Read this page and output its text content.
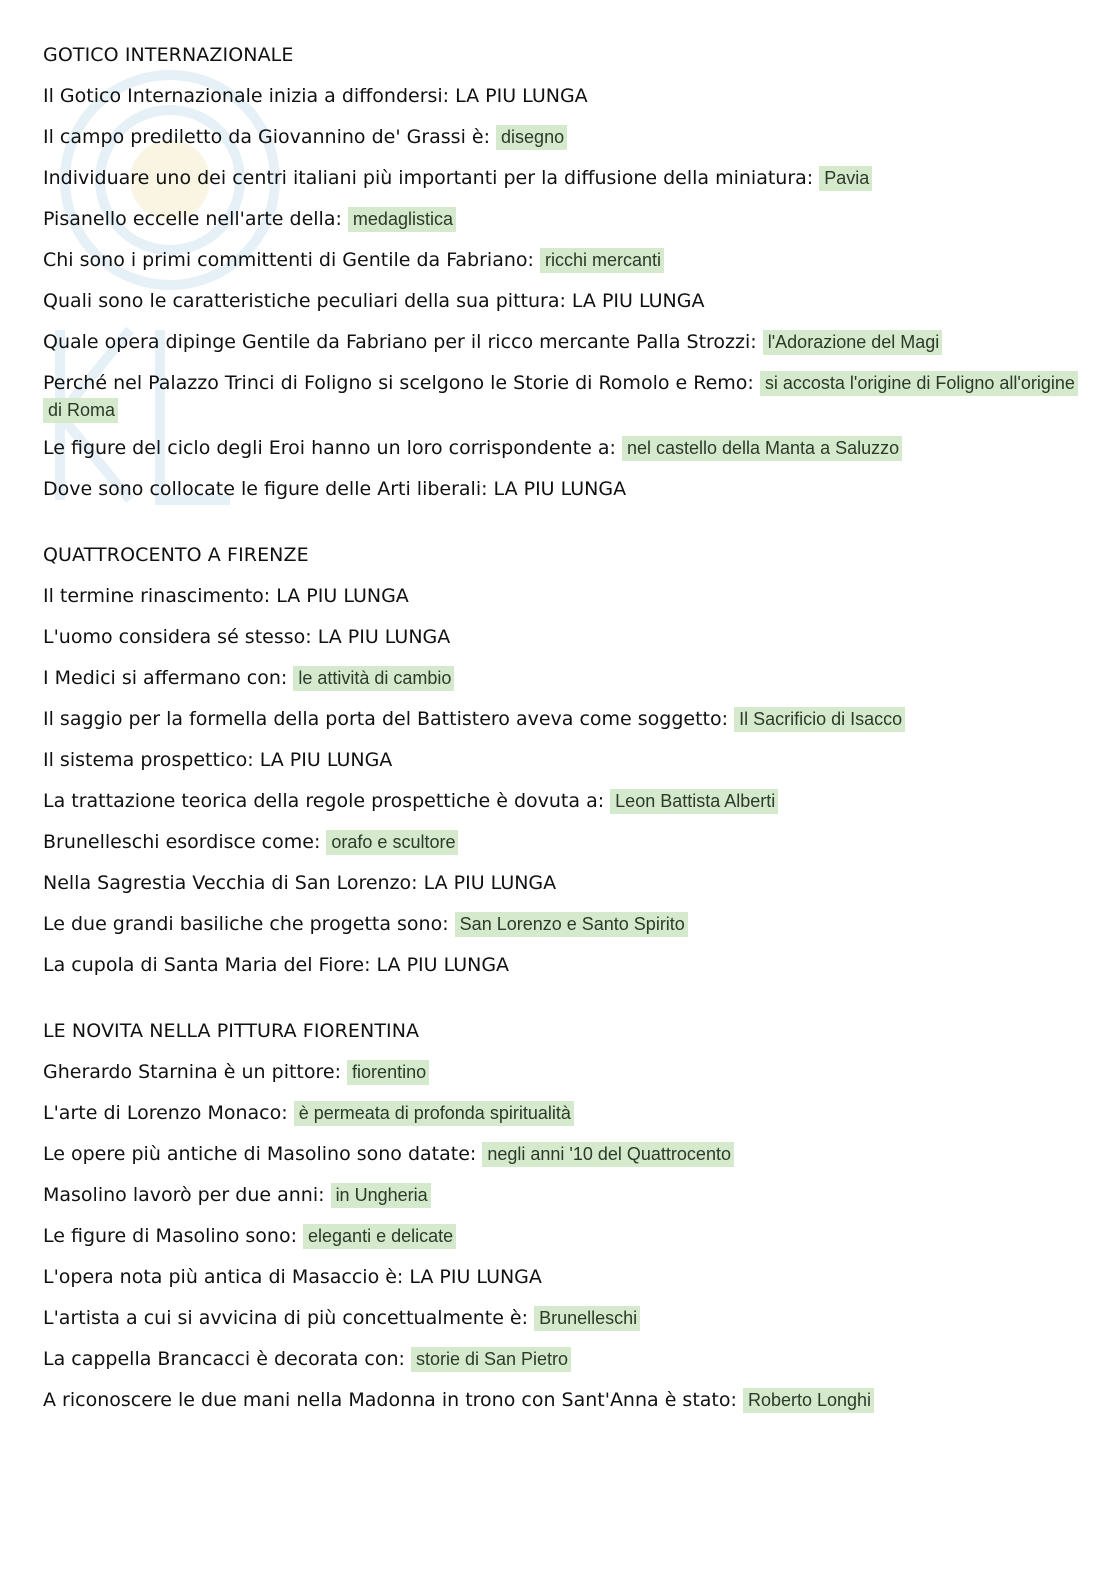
GOTICO INTERNAZIONALE
Il Gotico Internazionale inizia a diffondersi: LA PIU LUNGA
Il campo prediletto da Giovannino de' Grassi è: disegno
Individuare uno dei centri italiani più importanti per la diffusione della miniatura: Pavia
Pisanello eccelle nell'arte della: medaglistica
Chi sono i primi committenti di Gentile da Fabriano: ricchi mercanti
Quali sono le caratteristiche peculiari della sua pittura: LA PIU LUNGA
Quale opera dipinge Gentile da Fabriano per il ricco mercante Palla Strozzi: l'Adorazione del Magi
Perché nel Palazzo Trinci di Foligno si scelgono le Storie di Romolo e Remo: si accosta l'origine di Foligno all'origine di Roma
Le figure del ciclo degli Eroi hanno un loro corrispondente a: nel castello della Manta a Saluzzo
Dove sono collocate le figure delle Arti liberali: LA PIU LUNGA
QUATTROCENTO A FIRENZE
Il termine rinascimento: LA PIU LUNGA
L'uomo considera sé stesso: LA PIU LUNGA
I Medici si affermano con: le attività di cambio
Il saggio per la formella della porta del Battistero aveva come soggetto: Il Sacrificio di Isacco
Il sistema prospettico: LA PIU LUNGA
La trattazione teorica della regole prospettiche è dovuta a: Leon Battista Alberti
Brunelleschi esordisce come: orafo e scultore
Nella Sagrestia Vecchia di San Lorenzo: LA PIU LUNGA
Le due grandi basiliche che progetta sono: San Lorenzo e Santo Spirito
La cupola di Santa Maria del Fiore: LA PIU LUNGA
LE NOVITA NELLA PITTURA FIORENTINA
Gherardo Starnina è un pittore: fiorentino
L'arte di Lorenzo Monaco: è permeata di profonda spiritualità
Le opere più antiche di Masolino sono datate: negli anni '10 del Quattrocento
Masolino lavorò per due anni: in Ungheria
Le figure di Masolino sono: eleganti e delicate
L'opera nota più antica di Masaccio è: LA PIU LUNGA
L'artista a cui si avvicina di più concettualmente è: Brunelleschi
La cappella Brancacci è decorata con: storie di San Pietro
A riconoscere le due mani nella Madonna in trono con Sant'Anna è stato: Roberto Longhi
